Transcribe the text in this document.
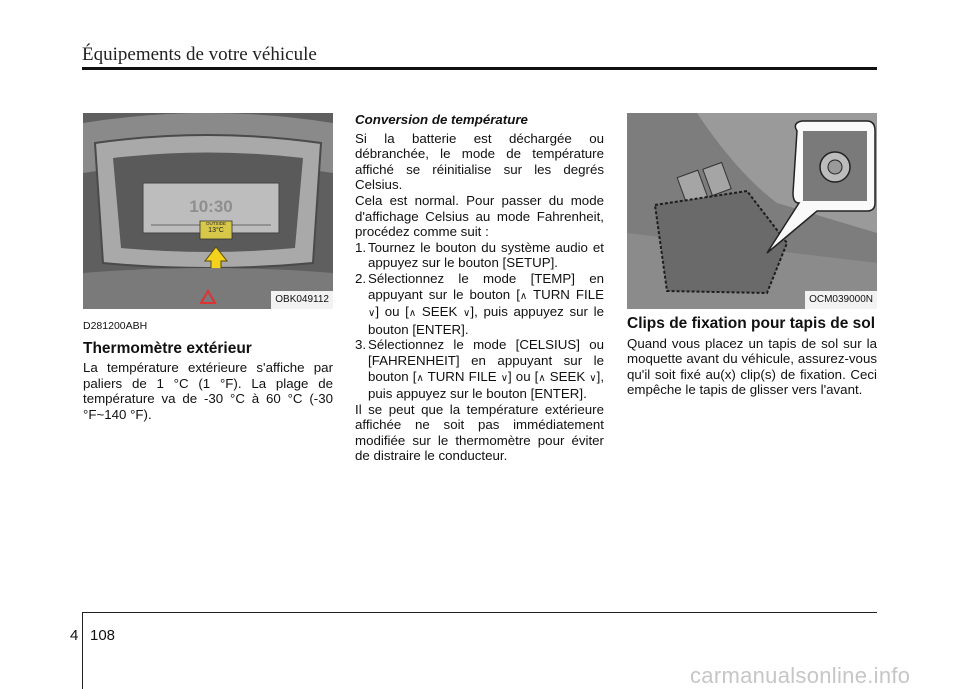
Équipements de votre véhicule
10:30
OUTSIDE
13°C
OBK049112
D281200ABH
Thermomètre extérieur

La température extérieure s'affiche par paliers de 1 °C (1 °F). La plage de température va de -30 °C à 60 °C (-30 °F~140 °F).

Conversion de température

Si la batterie est déchargée ou débranchée, le mode de température affiché se réinitialise sur les degrés Celsius.

Cela est normal. Pour passer du mode d'affichage Celsius au mode Fahrenheit, procédez comme suit :

1. Tournez le bouton du système audio et appuyez sur le bouton [SETUP].
2. Sélectionnez le mode [TEMP] en appuyant sur le bouton [∧ TURN FILE ∨] ou [∧ SEEK ∨], puis appuyez sur le bouton [ENTER].
3. Sélectionnez le mode [CELSIUS] ou [FAHRENHEIT] en appuyant sur le bouton [∧ TURN FILE ∨] ou [∧ SEEK ∨], puis appuyez sur le bouton [ENTER].

Il se peut que la température extérieure affichée ne soit pas immédiatement modifiée sur le thermomètre pour éviter de distraire le conducteur.

OCM039000N
Clips de fixation pour tapis de sol

Quand vous placez un tapis de sol sur la moquette avant du véhicule, assurez-vous qu'il soit fixé au(x) clip(s) de fixation. Ceci empêche le tapis de glisser vers l'avant.

4 108
carmanualsonline.info
